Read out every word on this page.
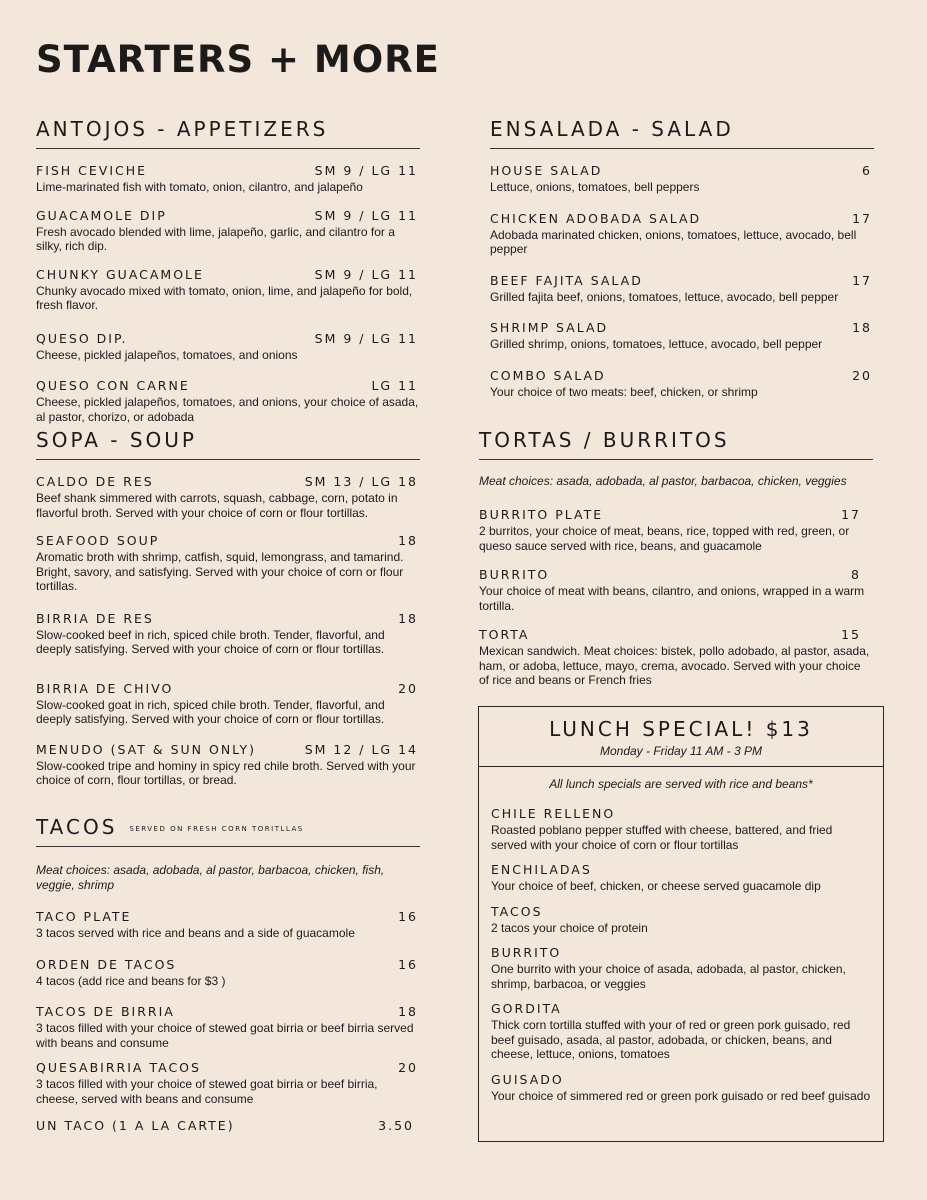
STARTERS + MORE
ANTOJOS - APPETIZERS
FISH CEVICHE	SM 9 / LG 11
Lime-marinated fish with tomato, onion, cilantro, and jalapeño
GUACAMOLE DIP	SM 9 / LG 11
Fresh avocado blended with lime, jalapeño, garlic, and cilantro for a silky, rich dip.
CHUNKY GUACAMOLE	SM 9 / LG 11
Chunky avocado mixed with tomato, onion, lime, and jalapeño for bold, fresh flavor.
QUESO DIP.	SM 9 / LG 11
Cheese, pickled jalapeños, tomatoes, and onions
QUESO CON CARNE	LG 11
Cheese, pickled jalapeños, tomatoes, and onions, your choice of asada, al pastor, chorizo, or adobada
SOPA - SOUP
CALDO DE RES	SM 13 / LG 18
Beef shank simmered with carrots, squash, cabbage, corn, potato in flavorful broth. Served with your choice of corn or flour tortillas.
SEAFOOD SOUP	18
Aromatic broth with shrimp, catfish, squid, lemongrass, and tamarind. Bright, savory, and satisfying. Served with your choice of corn or flour tortillas.
BIRRIA DE RES	18
Slow-cooked beef in rich, spiced chile broth. Tender, flavorful, and deeply satisfying. Served with your choice of corn or flour tortillas.
BIRRIA DE CHIVO	20
Slow-cooked goat in rich, spiced chile broth. Tender, flavorful, and deeply satisfying. Served with your choice of corn or flour tortillas.
MENUDO (SAT & SUN ONLY)	SM 12 / LG 14
Slow-cooked tripe and hominy in spicy red chile broth. Served with your choice of corn, flour tortillas, or bread.
TACOS SERVED ON FRESH CORN TORITLLAS
Meat choices: asada, adobada, al pastor, barbacoa, chicken, fish, veggie, shrimp
TACO PLATE	16
3 tacos served with rice and beans and a side of guacamole
ORDEN DE TACOS	16
4 tacos (add rice and beans for $3 )
TACOS DE BIRRIA	18
3 tacos filled with your choice of stewed goat birria or beef birria served with beans and consume
QUESABIRRIA TACOS	20
3 tacos filled with your choice of stewed goat birria or beef birria, cheese, served with beans and consume
UN TACO (1 A LA CARTE)	3.50
ENSALADA - SALAD
HOUSE SALAD	6
Lettuce, onions, tomatoes, bell peppers
CHICKEN ADOBADA SALAD	17
Adobada marinated chicken, onions, tomatoes, lettuce, avocado, bell pepper
BEEF FAJITA SALAD	17
Grilled fajita beef, onions, tomatoes, lettuce, avocado, bell pepper
SHRIMP SALAD	18
Grilled shrimp, onions, tomatoes, lettuce, avocado, bell pepper
COMBO SALAD	20
Your choice of two meats: beef, chicken, or shrimp
TORTAS / BURRITOS
Meat choices: asada, adobada, al pastor, barbacoa, chicken, veggies
BURRITO PLATE	17
2 burritos, your choice of meat, beans, rice, topped with red, green, or queso sauce served with rice, beans, and guacamole
BURRITO	8
Your choice of meat with beans, cilantro, and onions, wrapped in a warm tortilla.
TORTA	15
Mexican sandwich. Meat choices: bistek, pollo adobado, al pastor, asada, ham, or adoba, lettuce, mayo, crema, avocado. Served with your choice of rice and beans or French fries
LUNCH SPECIAL! $13
Monday - Friday 11 AM - 3 PM
All lunch specials are served with rice and beans*
CHILE RELLENO
Roasted poblano pepper stuffed with cheese, battered, and fried served with your choice of corn or flour tortillas
ENCHILADAS
Your choice of beef, chicken, or cheese served guacamole dip
TACOS
2 tacos your choice of protein
BURRITO
One burrito with your choice of asada, adobada, al pastor, chicken, shrimp, barbacoa, or veggies
GORDITA
Thick corn tortilla stuffed with your of red or green pork guisado, red beef guisado, asada, al pastor, adobada, or chicken, beans, and cheese, lettuce, onions, tomatoes
GUISADO
Your choice of simmered red or green pork guisado or red beef guisado
